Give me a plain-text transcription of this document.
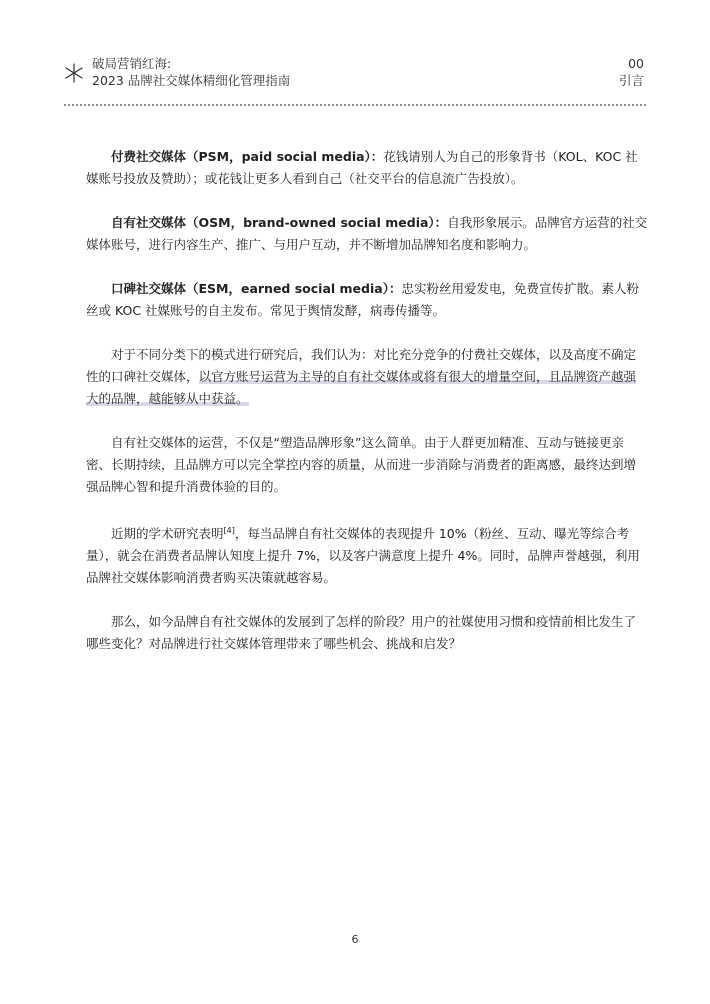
破局营销红海:
2023 品牌社交媒体精细化管理指南
00
引言

付费社交媒体（PSM，paid social media）：花钱请别人为自己的形象背书（KOL、KOC 社媒账号投放及赞助）；或花钱让更多人看到自己（社交平台的信息流广告投放）。

自有社交媒体（OSM，brand-owned social media）：自我形象展示。品牌官方运营的社交媒体账号，进行内容生产、推广、与用户互动，并不断增加品牌知名度和影响力。

口碑社交媒体（ESM，earned social media）：忠实粉丝用爱发电，免费宣传扩散。素人粉丝或 KOC 社媒账号的自主发布。常见于舆情发酵，病毒传播等。

对于不同分类下的模式进行研究后，我们认为：对比充分竞争的付费社交媒体，以及高度不确定性的口碑社交媒体，以官方账号运营为主导的自有社交媒体或将有很大的增量空间，且品牌资产越强大的品牌，越能够从中获益。

自有社交媒体的运营，不仅是“塑造品牌形象”这么简单。由于人群更加精准、互动与链接更亲密、长期持续，且品牌方可以完全掌控内容的质量，从而进一步消除与消费者的距离感，最终达到增强品牌心智和提升消费体验的目的。

近期的学术研究表明[4]，每当品牌自有社交媒体的表现提升 10%（粉丝、互动、曝光等综合考量），就会在消费者品牌认知度上提升 7%，以及客户满意度上提升 4%。同时，品牌声誉越强，利用品牌社交媒体影响消费者购买决策就越容易。

那么，如今品牌自有社交媒体的发展到了怎样的阶段？用户的社媒使用习惯和疫情前相比发生了哪些变化？对品牌进行社交媒体管理带来了哪些机会、挑战和启发？

6
